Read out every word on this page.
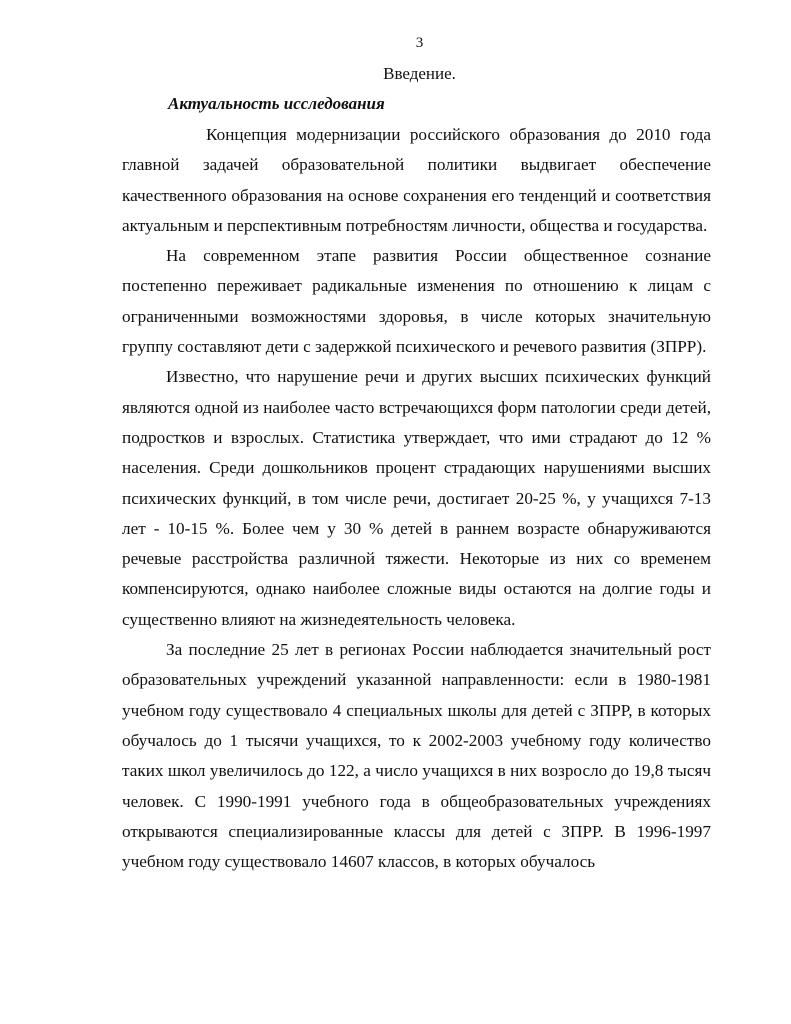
3
Введение.
Актуальность исследования

Концепция модернизации российского образования до 2010 года главной задачей образовательной политики выдвигает обеспечение качественного образования на основе сохранения его тенденций и соответствия актуальным и перспективным потребностям личности, общества и государства.

На современном этапе развития России общественное сознание постепенно переживает радикальные изменения по отношению к лицам с ограниченными возможностями здоровья, в числе которых значительную группу составляют дети с задержкой психического и речевого развития (ЗПРР).

Известно, что нарушение речи и других высших психических функций являются одной из наиболее часто встречающихся форм патологии среди детей, подростков и взрослых. Статистика утверждает, что ими страдают до 12 % населения. Среди дошкольников процент страдающих нарушениями высших психических функций, в том числе речи, достигает 20-25 %, у учащихся 7-13 лет - 10-15 %. Более чем у 30 % детей в раннем возрасте обнаруживаются речевые расстройства различной тяжести. Некоторые из них со временем компенсируются, однако наиболее сложные виды остаются на долгие годы и существенно влияют на жизнедеятельность человека.

За последние 25 лет в регионах России наблюдается значительный рост образовательных учреждений указанной направленности: если в 1980-1981 учебном году существовало 4 специальных школы для детей с ЗПРР, в которых обучалось до 1 тысячи учащихся, то к 2002-2003 учебному году количество таких школ увеличилось до 122, а число учащихся в них возросло до 19,8 тысяч человек. С 1990-1991 учебного года в общеобразовательных учреждениях открываются специализированные классы для детей с ЗПРР. В 1996-1997 учебном году существовало 14607 классов, в которых обучалось
